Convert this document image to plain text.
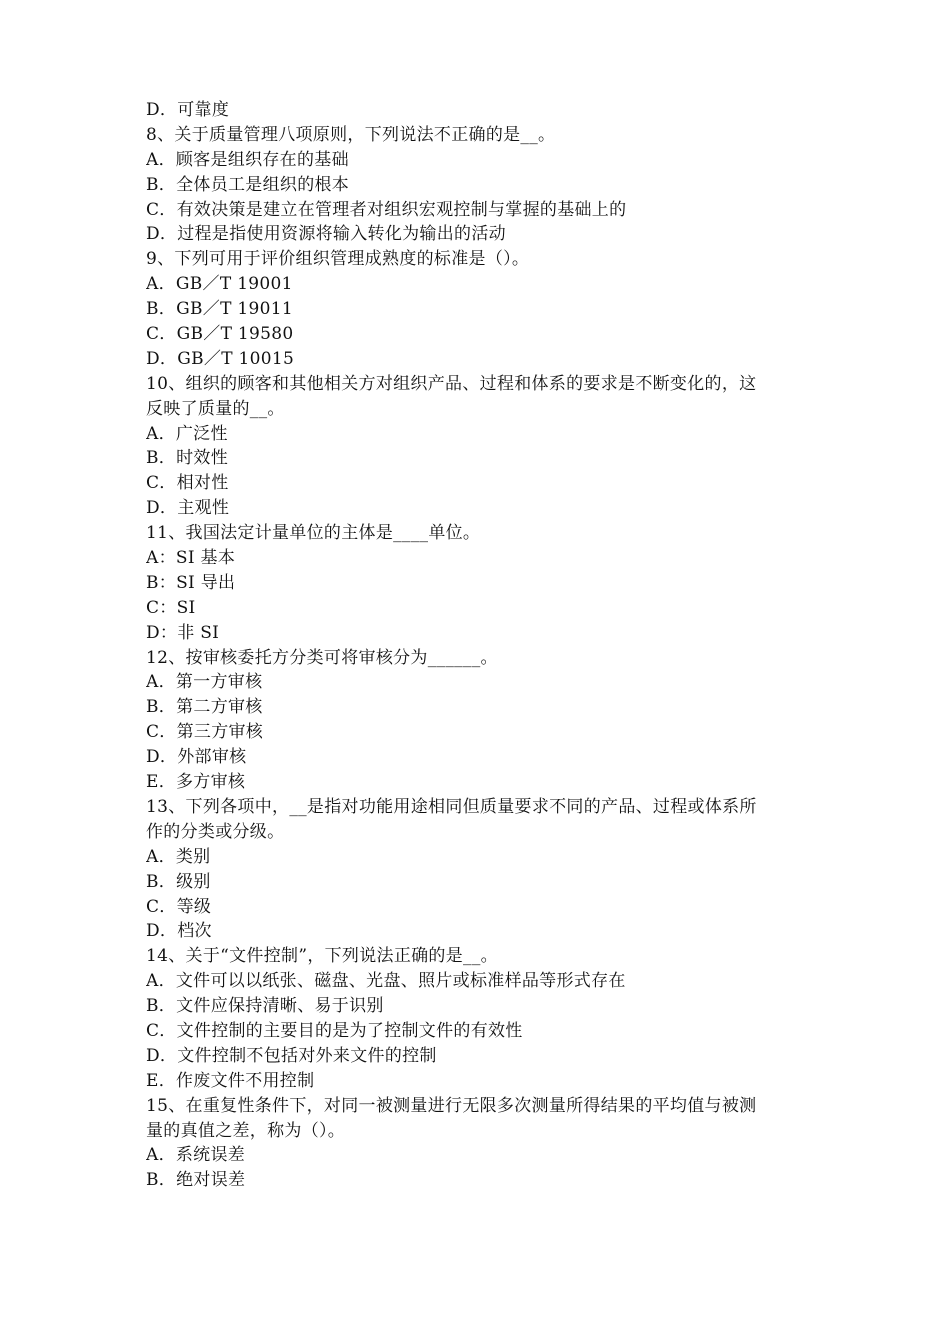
D．可靠度
8、关于质量管理八项原则，下列说法不正确的是__。
A．顾客是组织存在的基础
B．全体员工是组织的根本
C．有效决策是建立在管理者对组织宏观控制与掌握的基础上的
D．过程是指使用资源将输入转化为输出的活动
9、下列可用于评价组织管理成熟度的标准是（）。
A．GB／T 19001
B．GB／T 19011
C．GB／T 19580
D．GB／T 10015
10、组织的顾客和其他相关方对组织产品、过程和体系的要求是不断变化的，这
反映了质量的__。
A．广泛性
B．时效性
C．相对性
D．主观性
11、我国法定计量单位的主体是____单位。
A：SI 基本
B：SI 导出
C：SI
D：非 SI
12、按审核委托方分类可将审核分为______。
A．第一方审核
B．第二方审核
C．第三方审核
D．外部审核
E．多方审核
13、下列各项中，__是指对功能用途相同但质量要求不同的产品、过程或体系所
作的分类或分级。
A．类别
B．级别
C．等级
D．档次
14、关于“文件控制”，下列说法正确的是__。
A．文件可以以纸张、磁盘、光盘、照片或标准样品等形式存在
B．文件应保持清晰、易于识别
C．文件控制的主要目的是为了控制文件的有效性
D．文件控制不包括对外来文件的控制
E．作废文件不用控制
15、在重复性条件下，对同一被测量进行无限多次测量所得结果的平均值与被测
量的真值之差，称为（）。
A．系统误差
B．绝对误差
